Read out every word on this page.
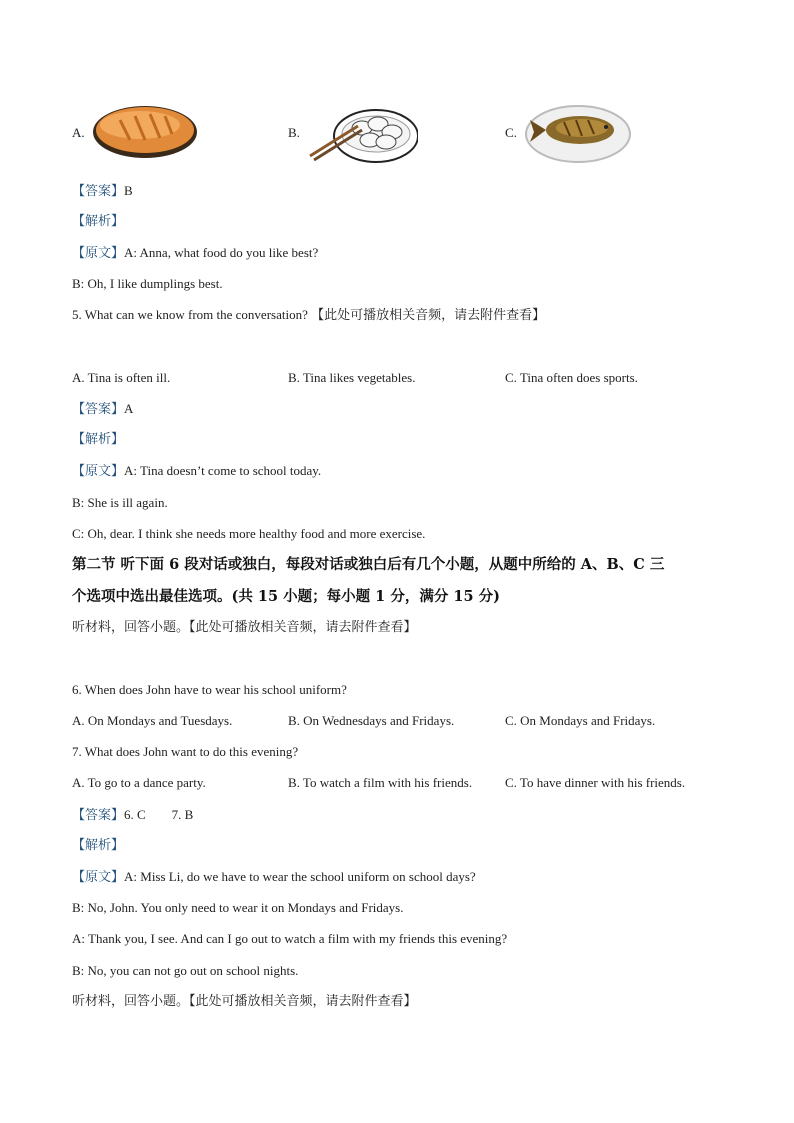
A.	B.	C.
【答案】B
【解析】
【原文】A: Anna, what food do you like best?
B: Oh, I like dumplings best.
5. What can we know from the conversation? 【此处可播放相关音频，请去附件查看】
A. Tina is often ill.	B. Tina likes vegetables.	C. Tina often does sports.
【答案】A
【解析】
【原文】A: Tina doesn’t come to school today.
B: She is ill again.
C: Oh, dear. I think she needs more healthy food and more exercise.
第二节 听下面 6 段对话或独白，每段对话或独白后有几个小题，从题中所给的 A、B、C 三
个选项中选出最佳选项。(共 15 小题；每小题 1 分，满分 15 分)
听材料，回答小题。【此处可播放相关音频，请去附件查看】
6. When does John have to wear his school uniform?
A. On Mondays and Tuesdays.	B. On Wednesdays and Fridays.	C. On Mondays and Fridays.
7. What does John want to do this evening?
A. To go to a dance party.	B. To watch a film with his friends.	C. To have dinner with his friends.
【答案】6. C        7. B
【解析】
【原文】A: Miss Li, do we have to wear the school uniform on school days?
B: No, John. You only need to wear it on Mondays and Fridays.
A: Thank you, I see. And can I go out to watch a film with my friends this evening?
B: No, you can not go out on school nights.
听材料，回答小题。【此处可播放相关音频，请去附件查看】
